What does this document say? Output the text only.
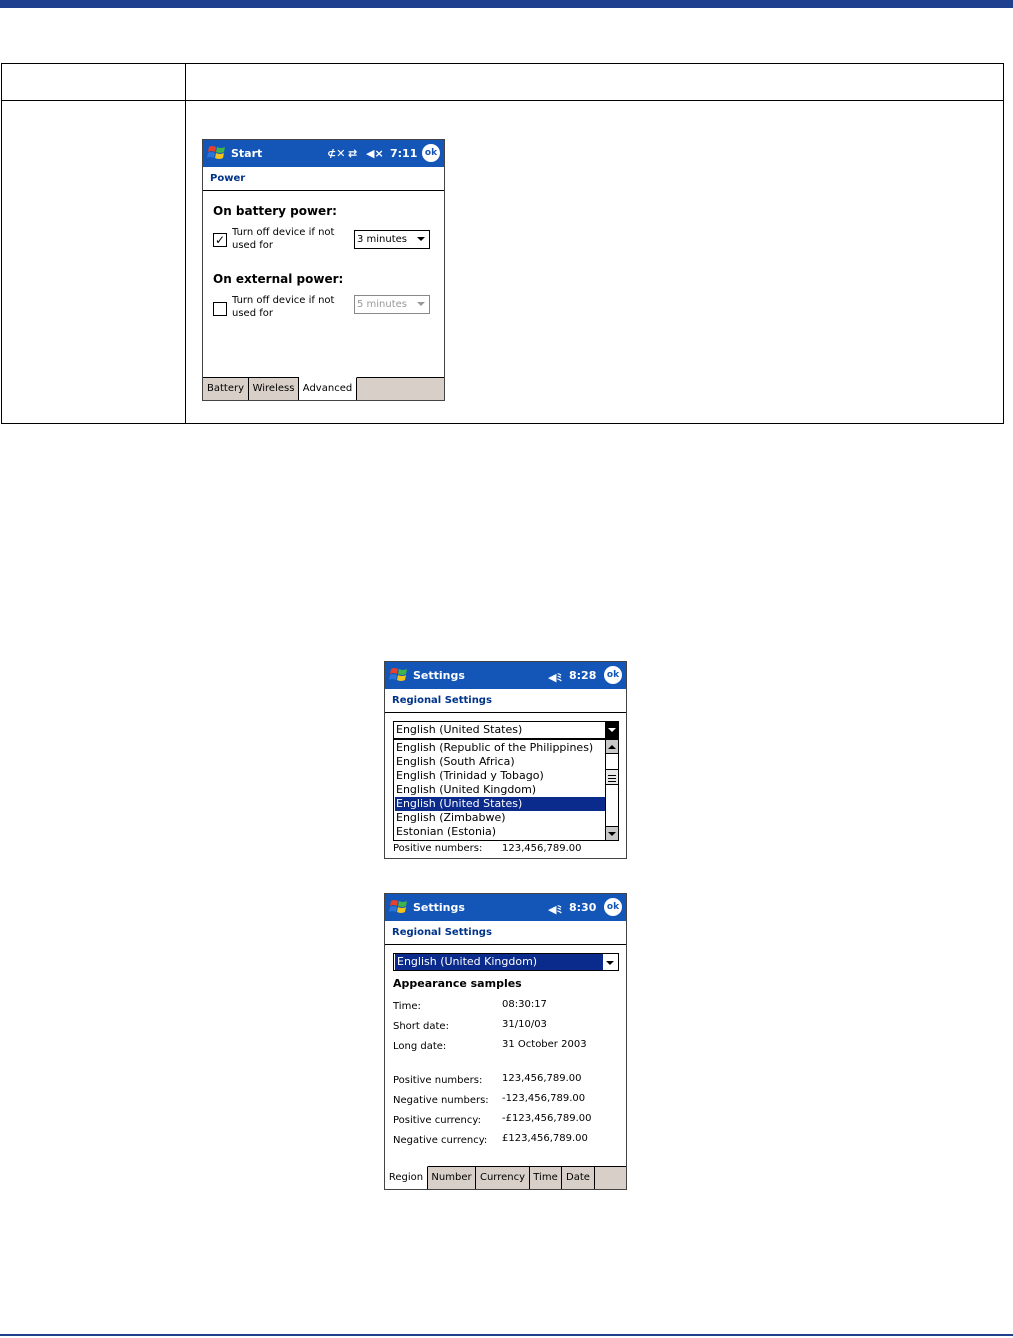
Start	⊄✕ ⇄ ◀× 7:11 ok
Power
On battery power:
✓
Turn off device if not
used for
3 minutes
On external power:
Turn off device if not
used for
5 minutes
Battery Wireless Advanced
Settings	◀ﾐ 8:28	ok
Regional Settings
English (United States)
English (Republic of the Philippines)
English (South Africa)
English (Trinidad y Tobago)
English (United Kingdom)
English (United States)
English (Zimbabwe)
Estonian (Estonia)
Positive numbers: 123,456,789.00
Settings	◀ﾐ 8:30	ok
Regional Settings
English (United Kingdom)
Appearance samples
Time:	08:30:17
Short date:	31/10/03
Long date:	31 October 2003
Positive numbers: 123,456,789.00
Negative numbers: -123,456,789.00
Positive currency: -£123,456,789.00
Negative currency: £123,456,789.00
Region Number Currency Time Date
